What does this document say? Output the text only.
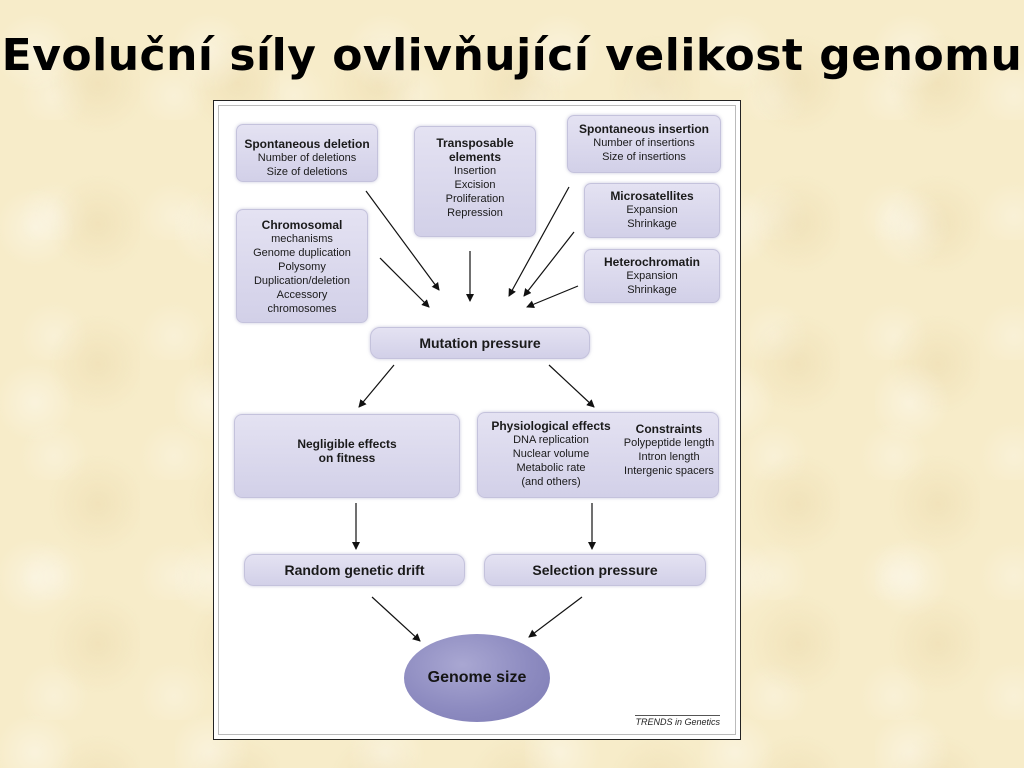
Evoluční síly ovlivňující velikost genomu
Spontaneous deletion
Number of deletions
Size of deletions
Transposable
elements
Insertion
Excision
Proliferation
Repression
Spontaneous insertion
Number of insertions
Size of insertions
Chromosomal
mechanisms
Genome duplication
Polysomy
Duplication/deletion
Accessory
chromosomes
Microsatellites
Expansion
Shrinkage
Heterochromatin
Expansion
Shrinkage
Mutation pressure
Negligible effects
on fitness
Physiological effects
DNA replication
Nuclear volume
Metabolic rate
(and others)
Constraints
Polypeptide length
Intron length
Intergenic spacers
Random genetic drift	Selection pressure
Genome size
TRENDS in Genetics
